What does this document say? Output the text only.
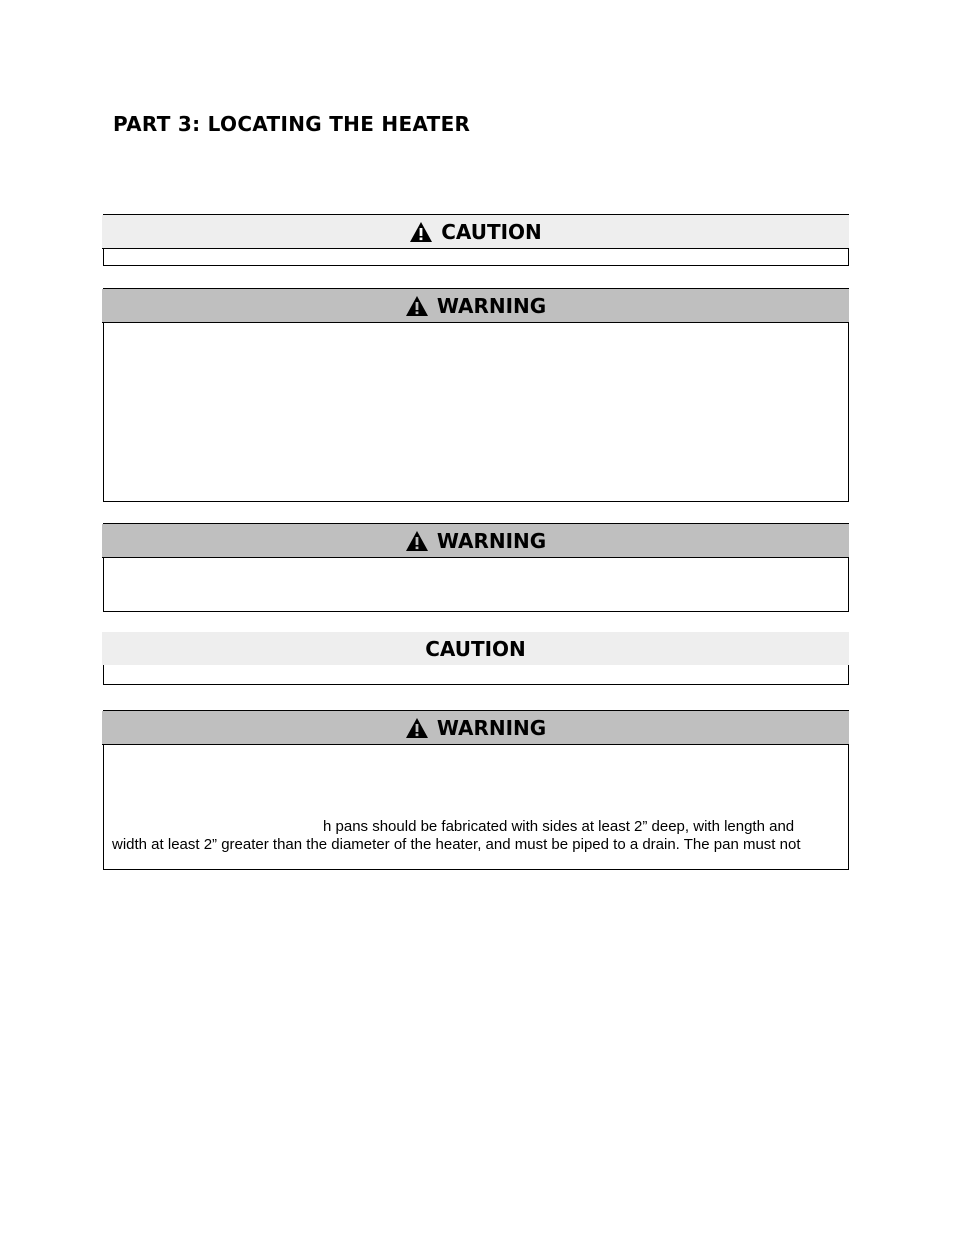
PART 3: LOCATING THE HEATER
CAUTION
WARNING
WARNING
CAUTION
WARNING
h pans should be fabricated with sides at least 2” deep, with length and
width at least 2” greater than the diameter of the heater, and must be piped to a drain. The pan must not
